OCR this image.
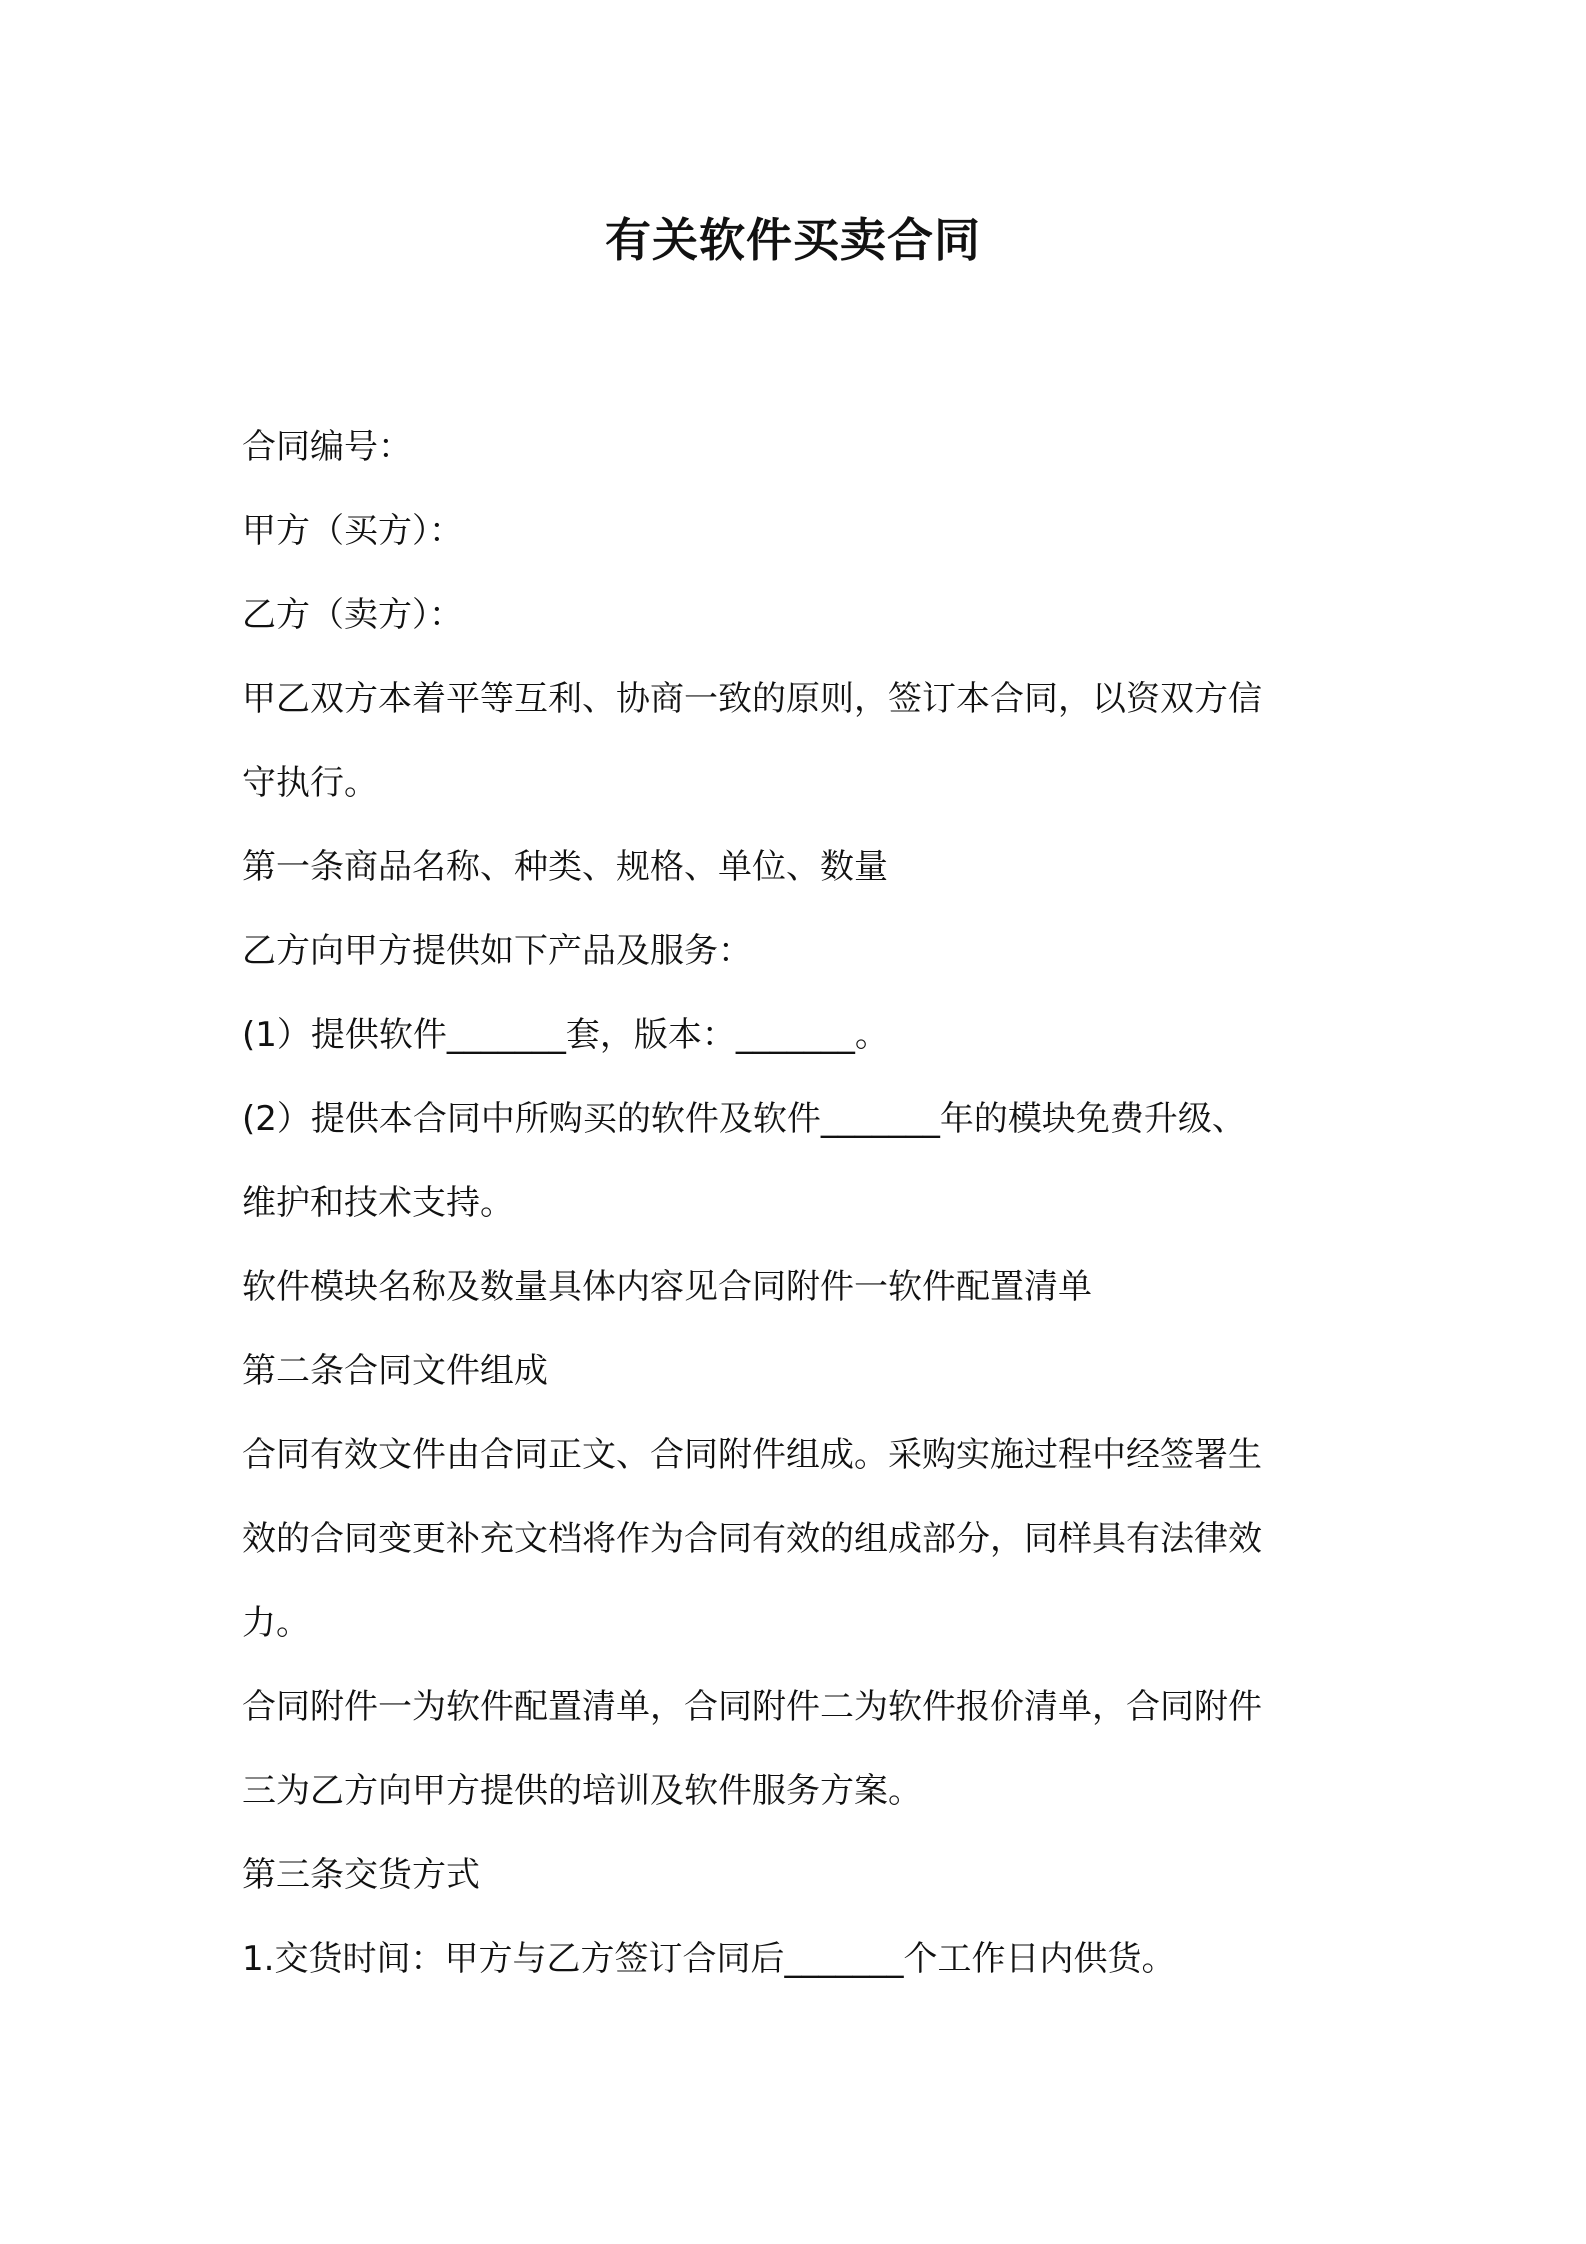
有关软件买卖合同
合同编号：
甲方（买方）：
乙方（卖方）：
甲乙双方本着平等互利、协商一致的原则，签订本合同，以资双方信
守执行。
第一条商品名称、种类、规格、单位、数量
乙方向甲方提供如下产品及服务：
(1）提供软件_______套，版本：_______。
(2）提供本合同中所购买的软件及软件_______年的模块免费升级、
维护和技术支持。
软件模块名称及数量具体内容见合同附件一软件配置清单
第二条合同文件组成
合同有效文件由合同正文、合同附件组成。采购实施过程中经签署生
效的合同变更补充文档将作为合同有效的组成部分，同样具有法律效
力。
合同附件一为软件配置清单，合同附件二为软件报价清单，合同附件
三为乙方向甲方提供的培训及软件服务方案。
第三条交货方式
1.交货时间：甲方与乙方签订合同后_______个工作日内供货。
